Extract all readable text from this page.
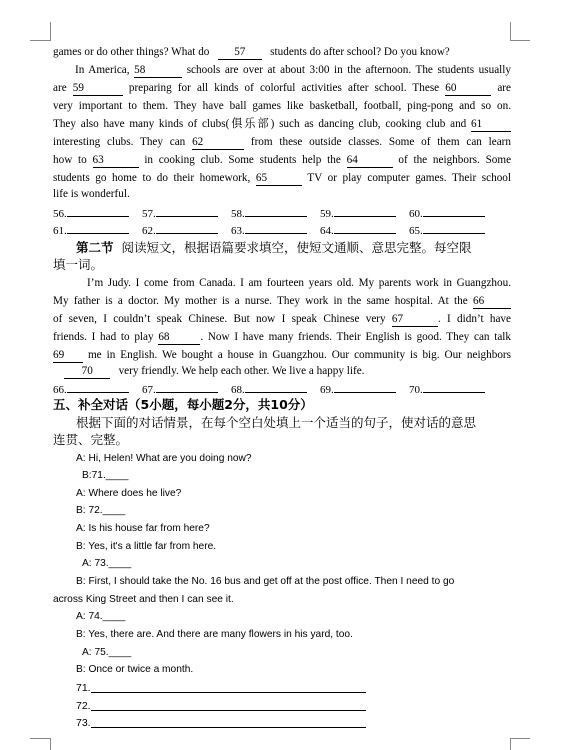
games or do other things? What do 57 students do after school? Do you know?
In America, 58	schools are over at about 3:00 in the afternoon. The students usually
are 59	preparing for all kinds of colorful activities after school. These 60	are
very important to them. They have ball games like basketball, football, ping-pong and so on.
They also have many kinds of clubs(俱乐部) such as dancing club, cooking club and 61
interesting clubs. They can 62	from these outside classes. Some of them can learn
how to 63	in cooking club. Some students help the 64	of the neighbors. Some
students go home to do their homework, 65	TV or play computer games. Their school
life is wonderful.
56.	57.	58.	59.	60.
61.	62.	63.	64.	65.
第二节 阅读短文，根据语篇要求填空，使短文通顺、意思完整。每空限
填一词。
I’m Judy. I come from Canada. I am fourteen years old. My parents work in Guangzhou.
My father is a doctor. My mother is a nurse. They work in the same hospital. At the 66
of seven, I couldn’t speak Chinese. But now I speak Chinese very 67	. I didn’t have
friends. I had to play 68	. Now I have many friends. Their English is good. They can talk
69 me in English. We bought a house in Guangzhou. Our community is big. Our neighbors
70 very friendly. We help each other. We live a happy life.
66.	67.	68.	69.	70.
五、补全对话（5小题，每小题2分，共10分）
根据下面的对话情景，在每个空白处填上一个适当的句子，使对话的意思
连贯、完整。
A: Hi, Helen! What are you doing now?
B:71.____
A: Where does he live?
B: 72.____
A: Is his house far from here?
B: Yes, it's a little far from here.
A: 73.____
B: First, I should take the No. 16 bus and get off at the post office. Then I need to go
across King Street and then I can see it.
A: 74.____
B: Yes, there are. And there are many flowers in his yard, too.
A: 75.____
B: Once or twice a month.
71.
72.
73.
